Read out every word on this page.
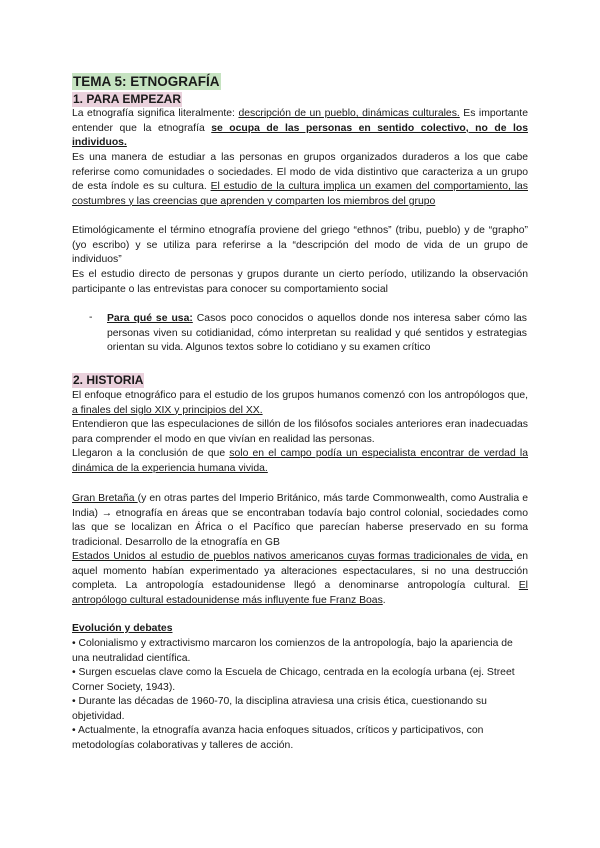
TEMA 5: ETNOGRAFÍA
1. PARA EMPEZAR
La etnografía significa literalmente: descripción de un pueblo, dinámicas culturales. Es importante entender que la etnografía se ocupa de las personas en sentido colectivo, no de los individuos.
Es una manera de estudiar a las personas en grupos organizados duraderos a los que cabe referirse como comunidades o sociedades. El modo de vida distintivo que caracteriza a un grupo de esta índole es su cultura. El estudio de la cultura implica un examen del comportamiento, las costumbres y las creencias que aprenden y comparten los miembros del grupo
Etimológicamente el término etnografía proviene del griego “ethnos” (tribu, pueblo) y de “grapho” (yo escribo) y se utiliza para referirse a la “descripción del modo de vida de un grupo de individuos”
Es el estudio directo de personas y grupos durante un cierto período, utilizando la observación participante o las entrevistas para conocer su comportamiento social
- Para qué se usa: Casos poco conocidos o aquellos donde nos interesa saber cómo las personas viven su cotidianidad, cómo interpretan su realidad y qué sentidos y estrategias orientan su vida. Algunos textos sobre lo cotidiano y su examen crítico
2. HISTORIA
El enfoque etnográfico para el estudio de los grupos humanos comenzó con los antropólogos que, a finales del siglo XIX y principios del XX.
Entendieron que las especulaciones de sillón de los filósofos sociales anteriores eran inadecuadas para comprender el modo en que vivían en realidad las personas.
Llegaron a la conclusión de que solo en el campo podía un especialista encontrar de verdad la dinámica de la experiencia humana vivida.
Gran Bretaña (y en otras partes del Imperio Británico, más tarde Commonwealth, como Australia e India) → etnografía en áreas que se encontraban todavía bajo control colonial, sociedades como las que se localizan en África o el Pacífico que parecían haberse preservado en su forma tradicional. Desarrollo de la etnografía en GB
Estados Unidos al estudio de pueblos nativos americanos cuyas formas tradicionales de vida, en aquel momento habían experimentado ya alteraciones espectaculares, si no una destrucción completa. La antropología estadounidense llegó a denominarse antropología cultural. El antropólogo cultural estadounidense más influyente fue Franz Boas.
Evolución y debates
• Colonialismo y extractivismo marcaron los comienzos de la antropología, bajo la apariencia de una neutralidad científica.
• Surgen escuelas clave como la Escuela de Chicago, centrada en la ecología urbana (ej. Street Corner Society, 1943).
• Durante las décadas de 1960-70, la disciplina atraviesa una crisis ética, cuestionando su objetividad.
• Actualmente, la etnografía avanza hacia enfoques situados, críticos y participativos, con metodologías colaborativas y talleres de acción.
